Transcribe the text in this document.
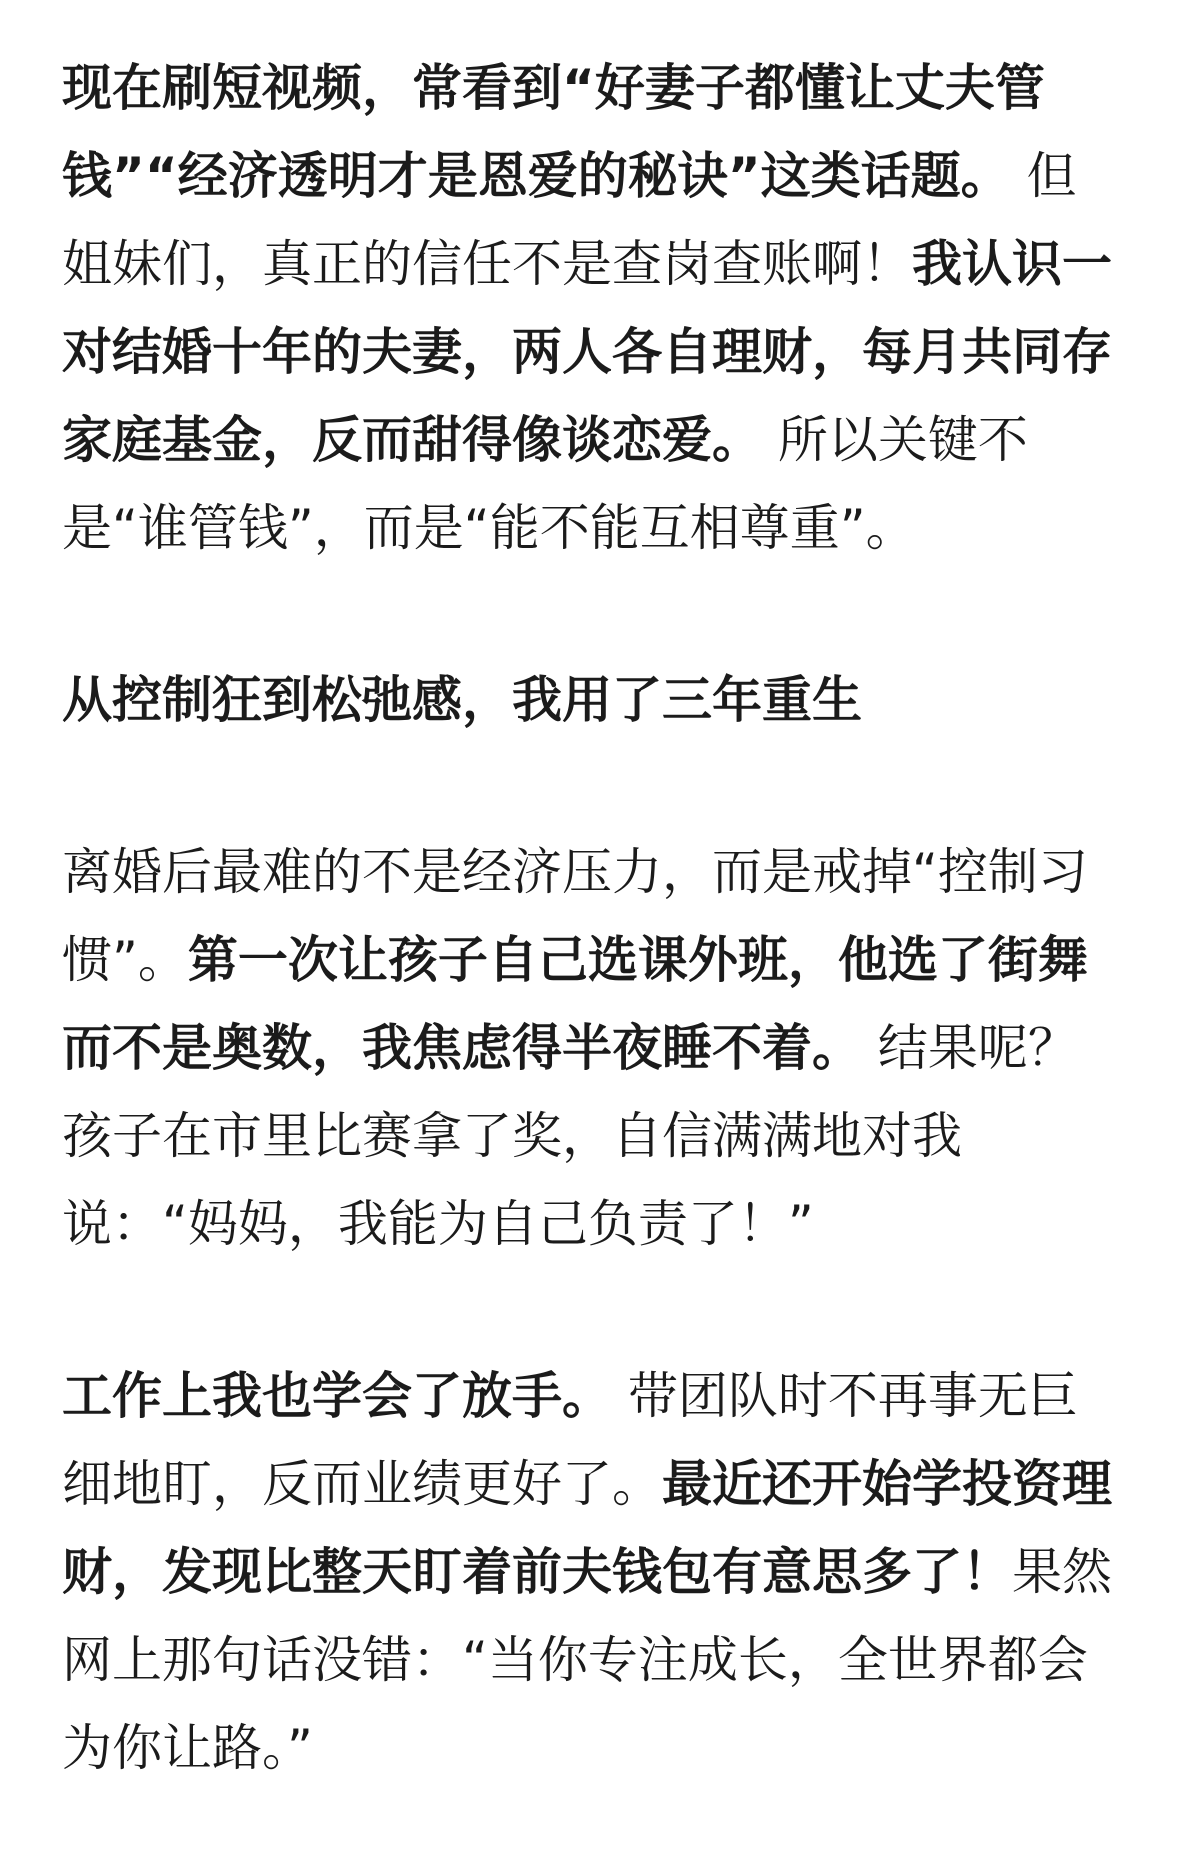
现在刷短视频，常看到“好妻子都懂让丈夫管钱”“经济透明才是恩爱的秘诀”这类话题。 但姐妹们，真正的信任不是查岗查账啊！我认识一对结婚十年的夫妻，两人各自理财，每月共同存家庭基金，反而甜得像谈恋爱。 所以关键不是“谁管钱”，而是“能不能互相尊重”。

从控制狂到松弛感，我用了三年重生

离婚后最难的不是经济压力，而是戒掉“控制习惯”。第一次让孩子自己选课外班，他选了街舞而不是奥数，我焦虑得半夜睡不着。 结果呢？孩子在市里比赛拿了奖，自信满满地对我说：“妈妈，我能为自己负责了！”

工作上我也学会了放手。 带团队时不再事无巨细地盯，反而业绩更好了。最近还开始学投资理财，发现比整天盯着前夫钱包有意思多了！果然网上那句话没错：“当你专注成长，全世界都会为你让路。”
